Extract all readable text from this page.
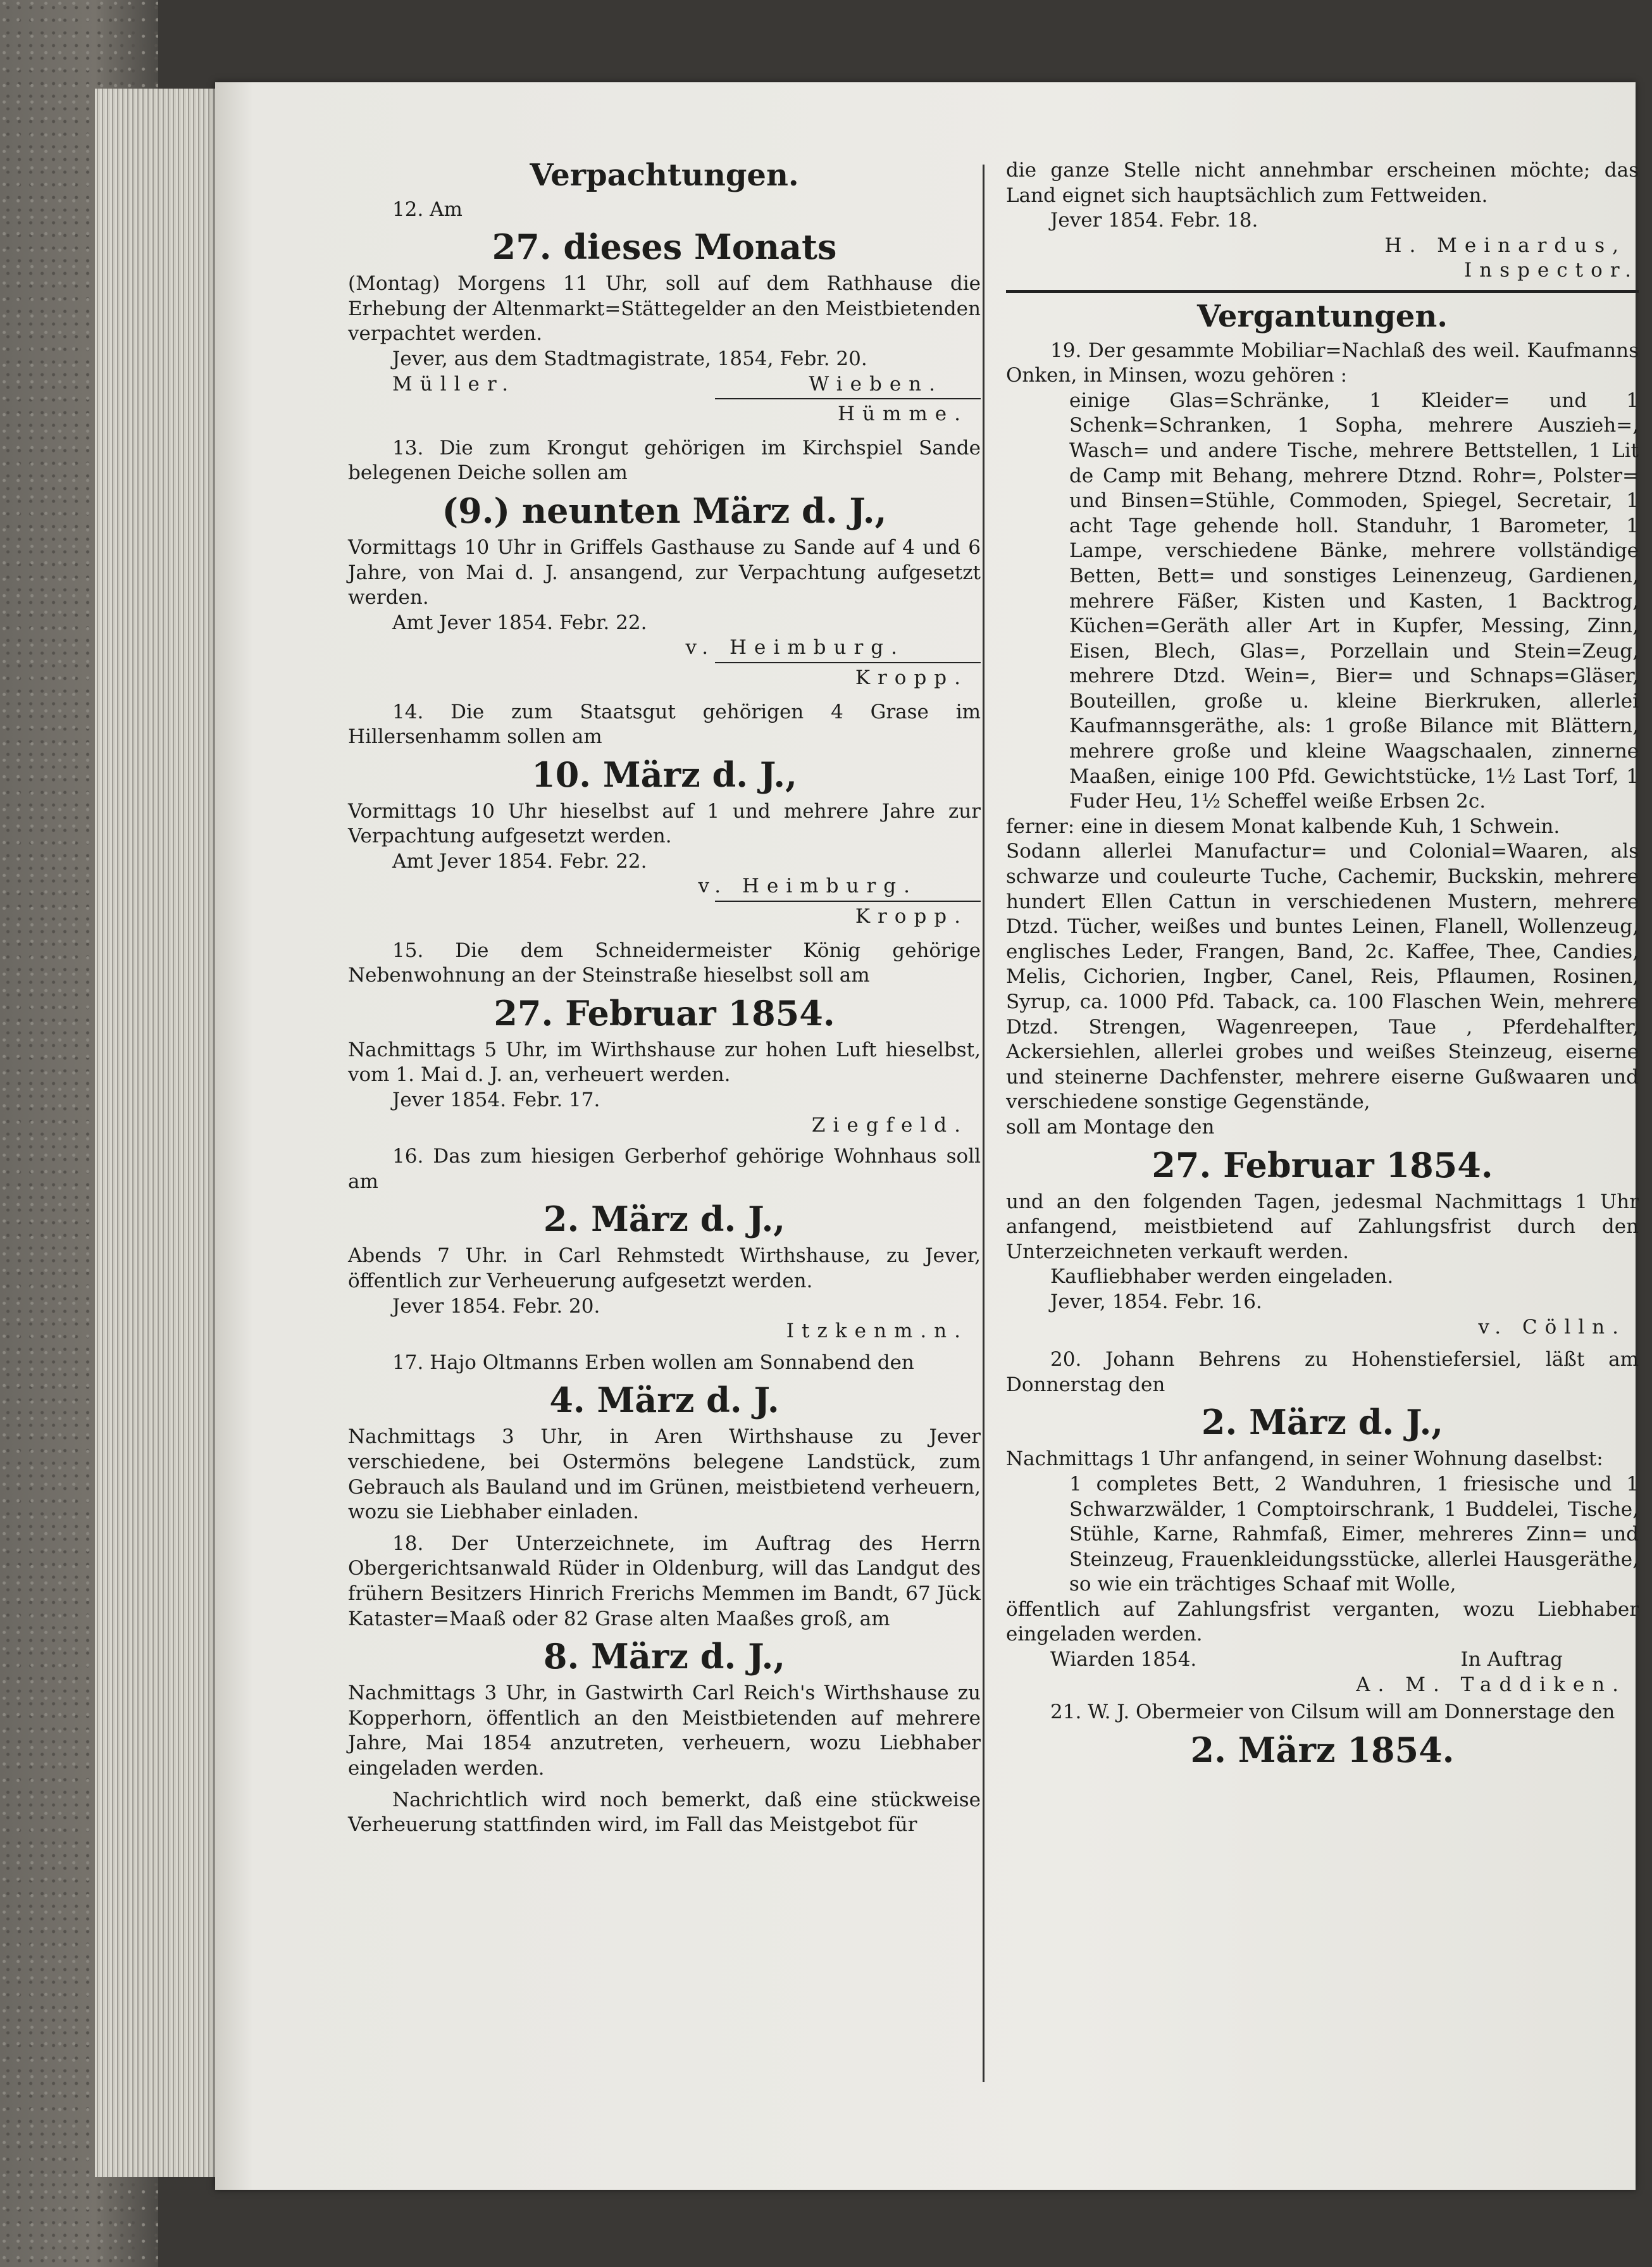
Verpachtungen.

12. Am

27. dieses Monats

(Montag) Morgens 11 Uhr, soll auf dem Rathhause die Erhebung der Altenmarkt=Stättegelder an den Meistbietenden verpachtet werden.

Jever, aus dem Stadtmagistrate, 1854, Febr. 20.

Müller.	Wieben.

Hümme.

13. Die zum Krongut gehörigen im Kirchspiel Sande belegenen Deiche sollen am

(9.) neunten März d. J.,

Vormittags 10 Uhr in Griffels Gasthause zu Sande auf 4 und 6 Jahre, von Mai d. J. ansangend, zur Verpachtung aufgesetzt werden.

Amt Jever 1854. Febr. 22.

v. Heimburg.

Kropp.

14. Die zum Staatsgut gehörigen 4 Grase im Hillersenhamm sollen am

10. März d. J.,

Vormittags 10 Uhr hieselbst auf 1 und mehrere Jahre zur Verpachtung aufgesetzt werden.

Amt Jever 1854. Febr. 22.

v. Heimburg.

Kropp.

15. Die dem Schneidermeister König gehörige Nebenwohnung an der Steinstraße hieselbst soll am

27. Februar 1854.

Nachmittags 5 Uhr, im Wirthshause zur hohen Luft hieselbst, vom 1. Mai d. J. an, verheuert werden.

Jever 1854. Febr. 17.

Ziegfeld.

16. Das zum hiesigen Gerberhof gehörige Wohnhaus soll am

2. März d. J.,

Abends 7 Uhr. in Carl Rehmstedt Wirthshause, zu Jever, öffentlich zur Verheuerung aufgesetzt werden.

Jever 1854. Febr. 20.

Itzkenm.n.

17. Hajo Oltmanns Erben wollen am Sonnabend den

4. März d. J.

Nachmittags 3 Uhr, in Aren Wirthshause zu Jever verschiedene, bei Ostermöns belegene Landstück, zum Gebrauch als Bauland und im Grünen, meistbietend verheuern, wozu sie Liebhaber einladen.

18. Der Unterzeichnete, im Auftrag des Herrn Obergerichtsanwald Rüder in Oldenburg, will das Landgut des frühern Besitzers Hinrich Frerichs Memmen im Bandt, 67 Jück Kataster=Maaß oder 82 Grase alten Maaßes groß, am

8. März d. J.,

Nachmittags 3 Uhr, in Gastwirth Carl Reich's Wirthshause zu Kopperhorn, öffentlich an den Meistbietenden auf mehrere Jahre, Mai 1854 anzutreten, verheuern, wozu Liebhaber eingeladen werden.

Nachrichtlich wird noch bemerkt, daß eine stückweise Verheuerung stattfinden wird, im Fall das Meistgebot für

die ganze Stelle nicht annehmbar erscheinen möchte; das Land eignet sich hauptsächlich zum Fettweiden.

Jever 1854. Febr. 18.

H. Meinardus,

Inspector.

Vergantungen.

19. Der gesammte Mobiliar=Nachlaß des weil. Kaufmanns Onken, in Minsen, wozu gehören :

einige Glas=Schränke, 1 Kleider= und 1 Schenk=Schranken, 1 Sopha, mehrere Auszieh=, Wasch= und andere Tische, mehrere Bettstellen, 1 Lit de Camp mit Behang, mehrere Dtznd. Rohr=, Polster= und Binsen=Stühle, Commoden, Spiegel, Secretair, 1 acht Tage gehende holl. Standuhr, 1 Barometer, 1 Lampe, verschiedene Bänke, mehrere vollständige Betten, Bett= und sonstiges Leinenzeug, Gardienen, mehrere Fäßer, Kisten und Kasten, 1 Backtrog, Küchen=Geräth aller Art in Kupfer, Messing, Zinn, Eisen, Blech, Glas=, Porzellain und Stein=Zeug, mehrere Dtzd. Wein=, Bier= und Schnaps=Gläser, Bouteillen, große u. kleine Bierkruken, allerlei Kaufmannsgeräthe, als: 1 große Bilance mit Blättern, mehrere große und kleine Waagschaalen, zinnerne Maaßen, einige 100 Pfd. Gewichtstücke, 1½ Last Torf, 1 Fuder Heu, 1½ Scheffel weiße Erbsen 2c.

ferner: eine in diesem Monat kalbende Kuh, 1 Schwein.

Sodann allerlei Manufactur= und Colonial=Waaren, als schwarze und couleurte Tuche, Cachemir, Buckskin, mehrere hundert Ellen Cattun in verschiedenen Mustern, mehrere Dtzd. Tücher, weißes und buntes Leinen, Flanell, Wollenzeug, englisches Leder, Frangen, Band, 2c. Kaffee, Thee, Candies, Melis, Cichorien, Ingber, Canel, Reis, Pflaumen, Rosinen, Syrup, ca. 1000 Pfd. Taback, ca. 100 Flaschen Wein, mehrere Dtzd. Strengen, Wagenreepen, Taue , Pferdehalfter, Ackersiehlen, allerlei grobes und weißes Steinzeug, eiserne und steinerne Dachfenster, mehrere eiserne Gußwaaren und verschiedene sonstige Gegenstände,

soll am Montage den

27. Februar 1854.

und an den folgenden Tagen, jedesmal Nachmittags 1 Uhr anfangend, meistbietend auf Zahlungsfrist durch den Unterzeichneten verkauft werden.

Kaufliebhaber werden eingeladen.

Jever, 1854. Febr. 16.

v. Cölln.

20. Johann Behrens zu Hohenstiefersiel, läßt am Donnerstag den

2. März d. J.,

Nachmittags 1 Uhr anfangend, in seiner Wohnung daselbst:

1 completes Bett, 2 Wanduhren, 1 friesische und 1 Schwarzwälder, 1 Comptoirschrank, 1 Buddelei, Tische, Stühle, Karne, Rahmfaß, Eimer, mehreres Zinn= und Steinzeug, Frauenkleidungsstücke, allerlei Hausgeräthe, so wie ein trächtiges Schaaf mit Wolle,

öffentlich auf Zahlungsfrist verganten, wozu Liebhaber eingeladen werden.

Wiarden 1854.	In Auftrag

A. M. Taddiken.

21. W. J. Obermeier von Cilsum will am Donnerstage den

2. März 1854.
